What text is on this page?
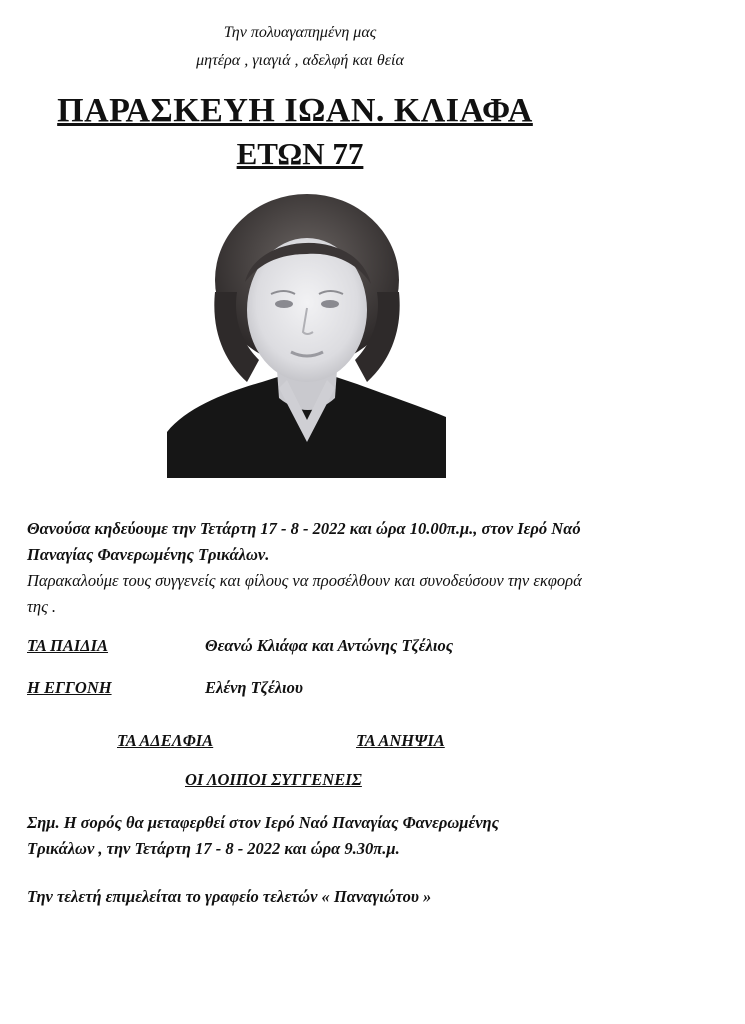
Την πολυαγαπημένη μας
μητέρα , γιαγιά , αδελφή και θεία
ΠΑΡΑΣΚΕΥΗ ΙΩΑΝ. ΚΛΙΑΦΑ
ΕΤΩΝ 77
Θανούσα κηδεύουμε την Τετάρτη 17 - 8 - 2022 και ώρα 10.00π.μ., στον Ιερό Ναό
Παναγίας Φανερωμένης Τρικάλων.
Παρακαλούμε τους συγγενείς και φίλους να προσέλθουν και συνοδεύσουν την εκφορά
της .
ΤΑ ΠΑΙΔΙΑ	Θεανώ Κλιάφα και Αντώνης Τζέλιος
Η ΕΓΓΟΝΗ	Ελένη Τζέλιου
ΤΑ ΑΔΕΛΦΙΑ	ΤΑ ΑΝΗΨΙΑ
ΟΙ ΛΟΙΠΟΙ ΣΥΓΓΕΝΕΙΣ
Σημ. Η σορός θα μεταφερθεί στον Ιερό Ναό Παναγίας Φανερωμένης
Τρικάλων , την Τετάρτη 17 - 8 - 2022 και ώρα 9.30π.μ.
Την τελετή επιμελείται το γραφείο τελετών « Παναγιώτου »
